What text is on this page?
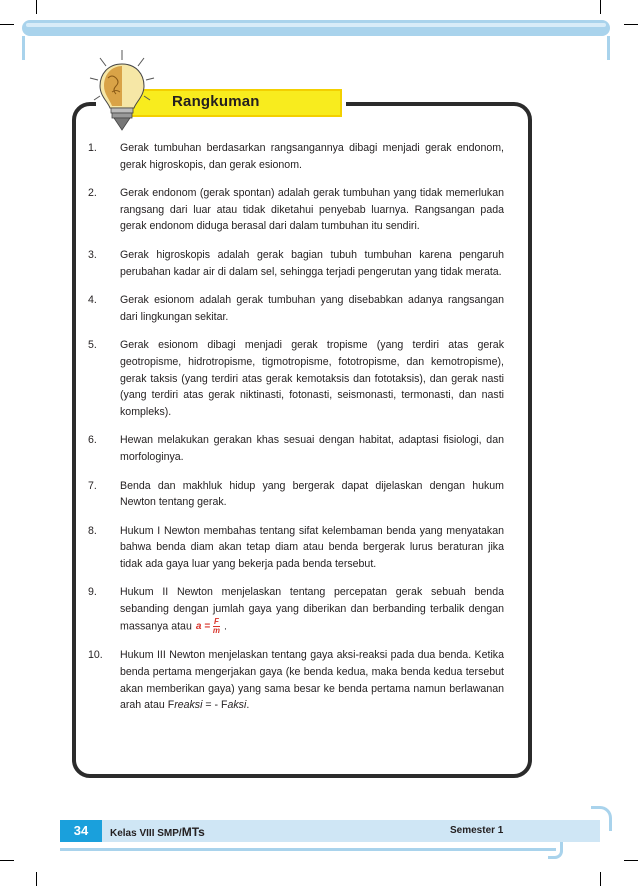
Rangkuman
1.	Gerak tumbuhan berdasarkan rangsangannya dibagi menjadi gerak endonom, gerak higroskopis, dan gerak esionom.
2.	Gerak endonom (gerak spontan) adalah gerak tumbuhan yang tidak memerlukan rangsang dari luar atau tidak diketahui penyebab luarnya. Rangsangan pada gerak endonom diduga berasal dari dalam tumbuhan itu sendiri.
3.	Gerak higroskopis adalah gerak bagian tubuh tumbuhan karena pengaruh perubahan kadar air di dalam sel, sehingga terjadi pengerutan yang tidak merata.
4.	Gerak esionom adalah gerak tumbuhan yang disebabkan adanya rangsangan dari lingkungan sekitar.
5.	Gerak esionom dibagi menjadi gerak tropisme (yang terdiri atas gerak geotropisme, hidrotropisme, tigmotropisme, fototropisme, dan kemotropisme), gerak taksis (yang terdiri atas gerak kemotaksis dan fototaksis), dan gerak nasti (yang terdiri atas gerak niktinasti, fotonasti, seismonasti, termonasti, dan nasti kompleks).
6.	Hewan melakukan gerakan khas sesuai dengan habitat, adaptasi fisiologi, dan morfologinya.
7.	Benda dan makhluk hidup yang bergerak dapat dijelaskan dengan hukum Newton tentang gerak.
8.	Hukum I Newton membahas tentang sifat kelembaman benda yang menyatakan bahwa benda diam akan tetap diam atau benda bergerak lurus beraturan jika tidak ada gaya luar yang bekerja pada benda tersebut.
9.	Hukum II Newton menjelaskan tentang percepatan gerak sebuah benda sebanding dengan jumlah gaya yang diberikan dan berbanding terbalik dengan massanya atau $a = \frac{F}{m}$ .
10.	Hukum III Newton menjelaskan tentang gaya aksi-reaksi pada dua benda. Ketika benda pertama mengerjakan gaya (ke benda kedua, maka benda kedua tersebut akan memberikan gaya) yang sama besar ke benda pertama namun berlawanan arah atau Freaksi = - Faksi.
34	Kelas VIII SMP/MTs	Semester 1
